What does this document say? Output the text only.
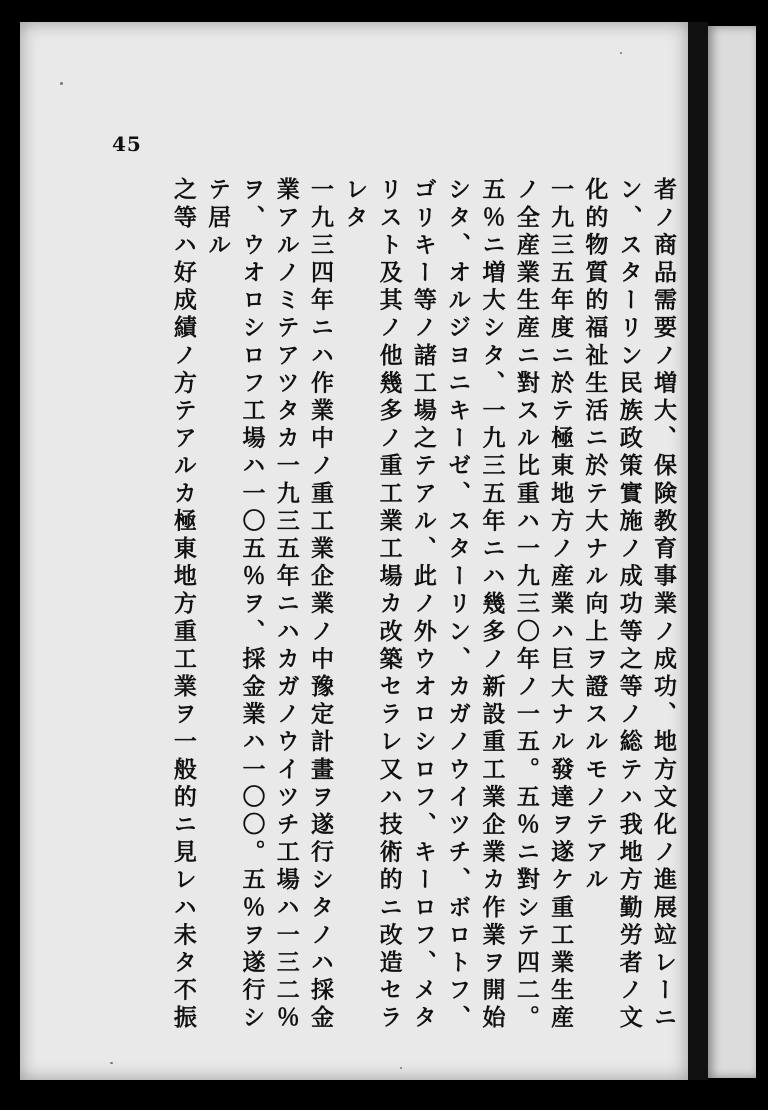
45
者ノ商品需要ノ増大、保険教育事業ノ成功、地方文化ノ進展竝レーニ
ン、スターリン民族政策實施ノ成功等之等ノ総テハ我地方勤労者ノ文
化的物質的福祉生活ニ於テ大ナル向上ヲ證スルモノテアル
一九三五年度ニ於テ極東地方ノ産業ハ巨大ナル發達ヲ遂ケ重工業生産
ノ全産業生産ニ對スル比重ハ一九三〇年ノ一五。五％ニ對シテ四二。
五％ニ増大シタ、一九三五年ニハ幾多ノ新設重工業企業カ作業ヲ開始
シタ、オルジヨニキーゼ、スターリン、カガノウイツチ、ボロトフ、
ゴリキー等ノ諸工場之テアル、此ノ外ウオロシロフ、キーロフ、メタ
リスト及其ノ他幾多ノ重工業工場カ改築セラレ又ハ技術的ニ改造セラ
レタ
一九三四年ニハ作業中ノ重工業企業ノ中豫定計畫ヲ遂行シタノハ採金
業アルノミテアツタカ一九三五年ニハカガノウイツチ工場ハ一三二％
ヲ、ウオロシロフ工場ハ一〇五％ヲ、採金業ハ一〇〇。五％ヲ遂行シ
テ居ル
之等ハ好成績ノ方テアルカ極東地方重工業ヲ一般的ニ見レハ未タ不振
